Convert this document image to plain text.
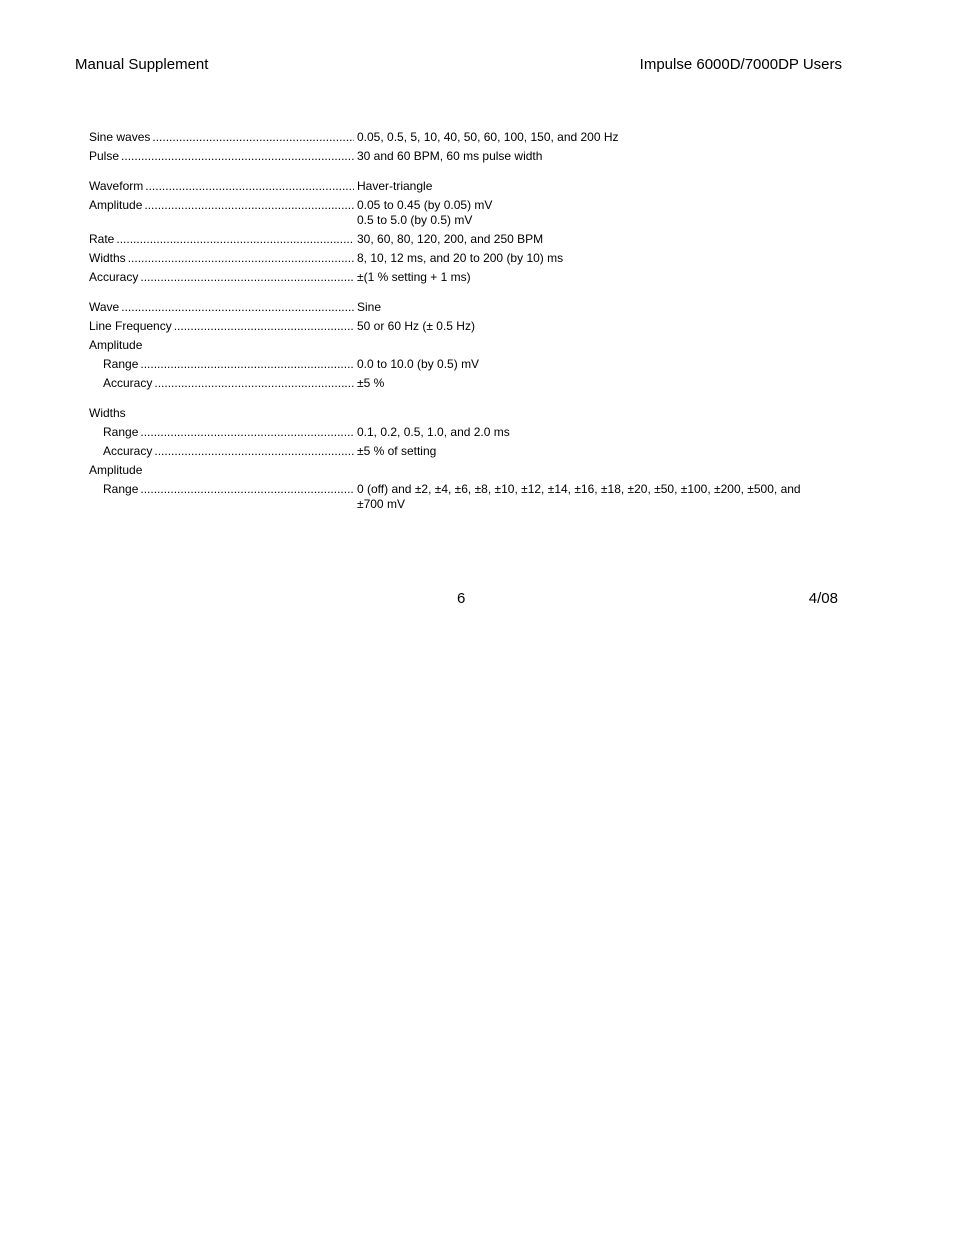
Manual Supplement	Impulse 6000D/7000DP Users
Sine waves .....	0.05, 0.5, 5, 10, 40, 50, 60, 100, 150, and 200 Hz
Pulse .....	30 and 60 BPM, 60 ms pulse width
Waveform .....	Haver-triangle
Amplitude .....	0.05 to 0.45 (by 0.05) mV
0.5 to 5.0 (by 0.5) mV
Rate .....	30, 60, 80, 120, 200, and 250 BPM
Widths .....	8, 10, 12 ms, and 20 to 200 (by 10) ms
Accuracy .....	±(1 % setting + 1 ms)
Wave .....	Sine
Line Frequency .....	50 or 60 Hz (± 0.5 Hz)
Amplitude
Range .....	0.0 to 10.0 (by 0.5) mV
Accuracy .....	±5 %
Widths
Range .....	0.1, 0.2, 0.5, 1.0, and 2.0 ms
Accuracy .....	±5 % of setting
Amplitude
Range .....	0 (off) and ±2, ±4, ±6, ±8, ±10, ±12, ±14, ±16, ±18, ±20, ±50, ±100, ±200, ±500, and
±700 mV
6	4/08
